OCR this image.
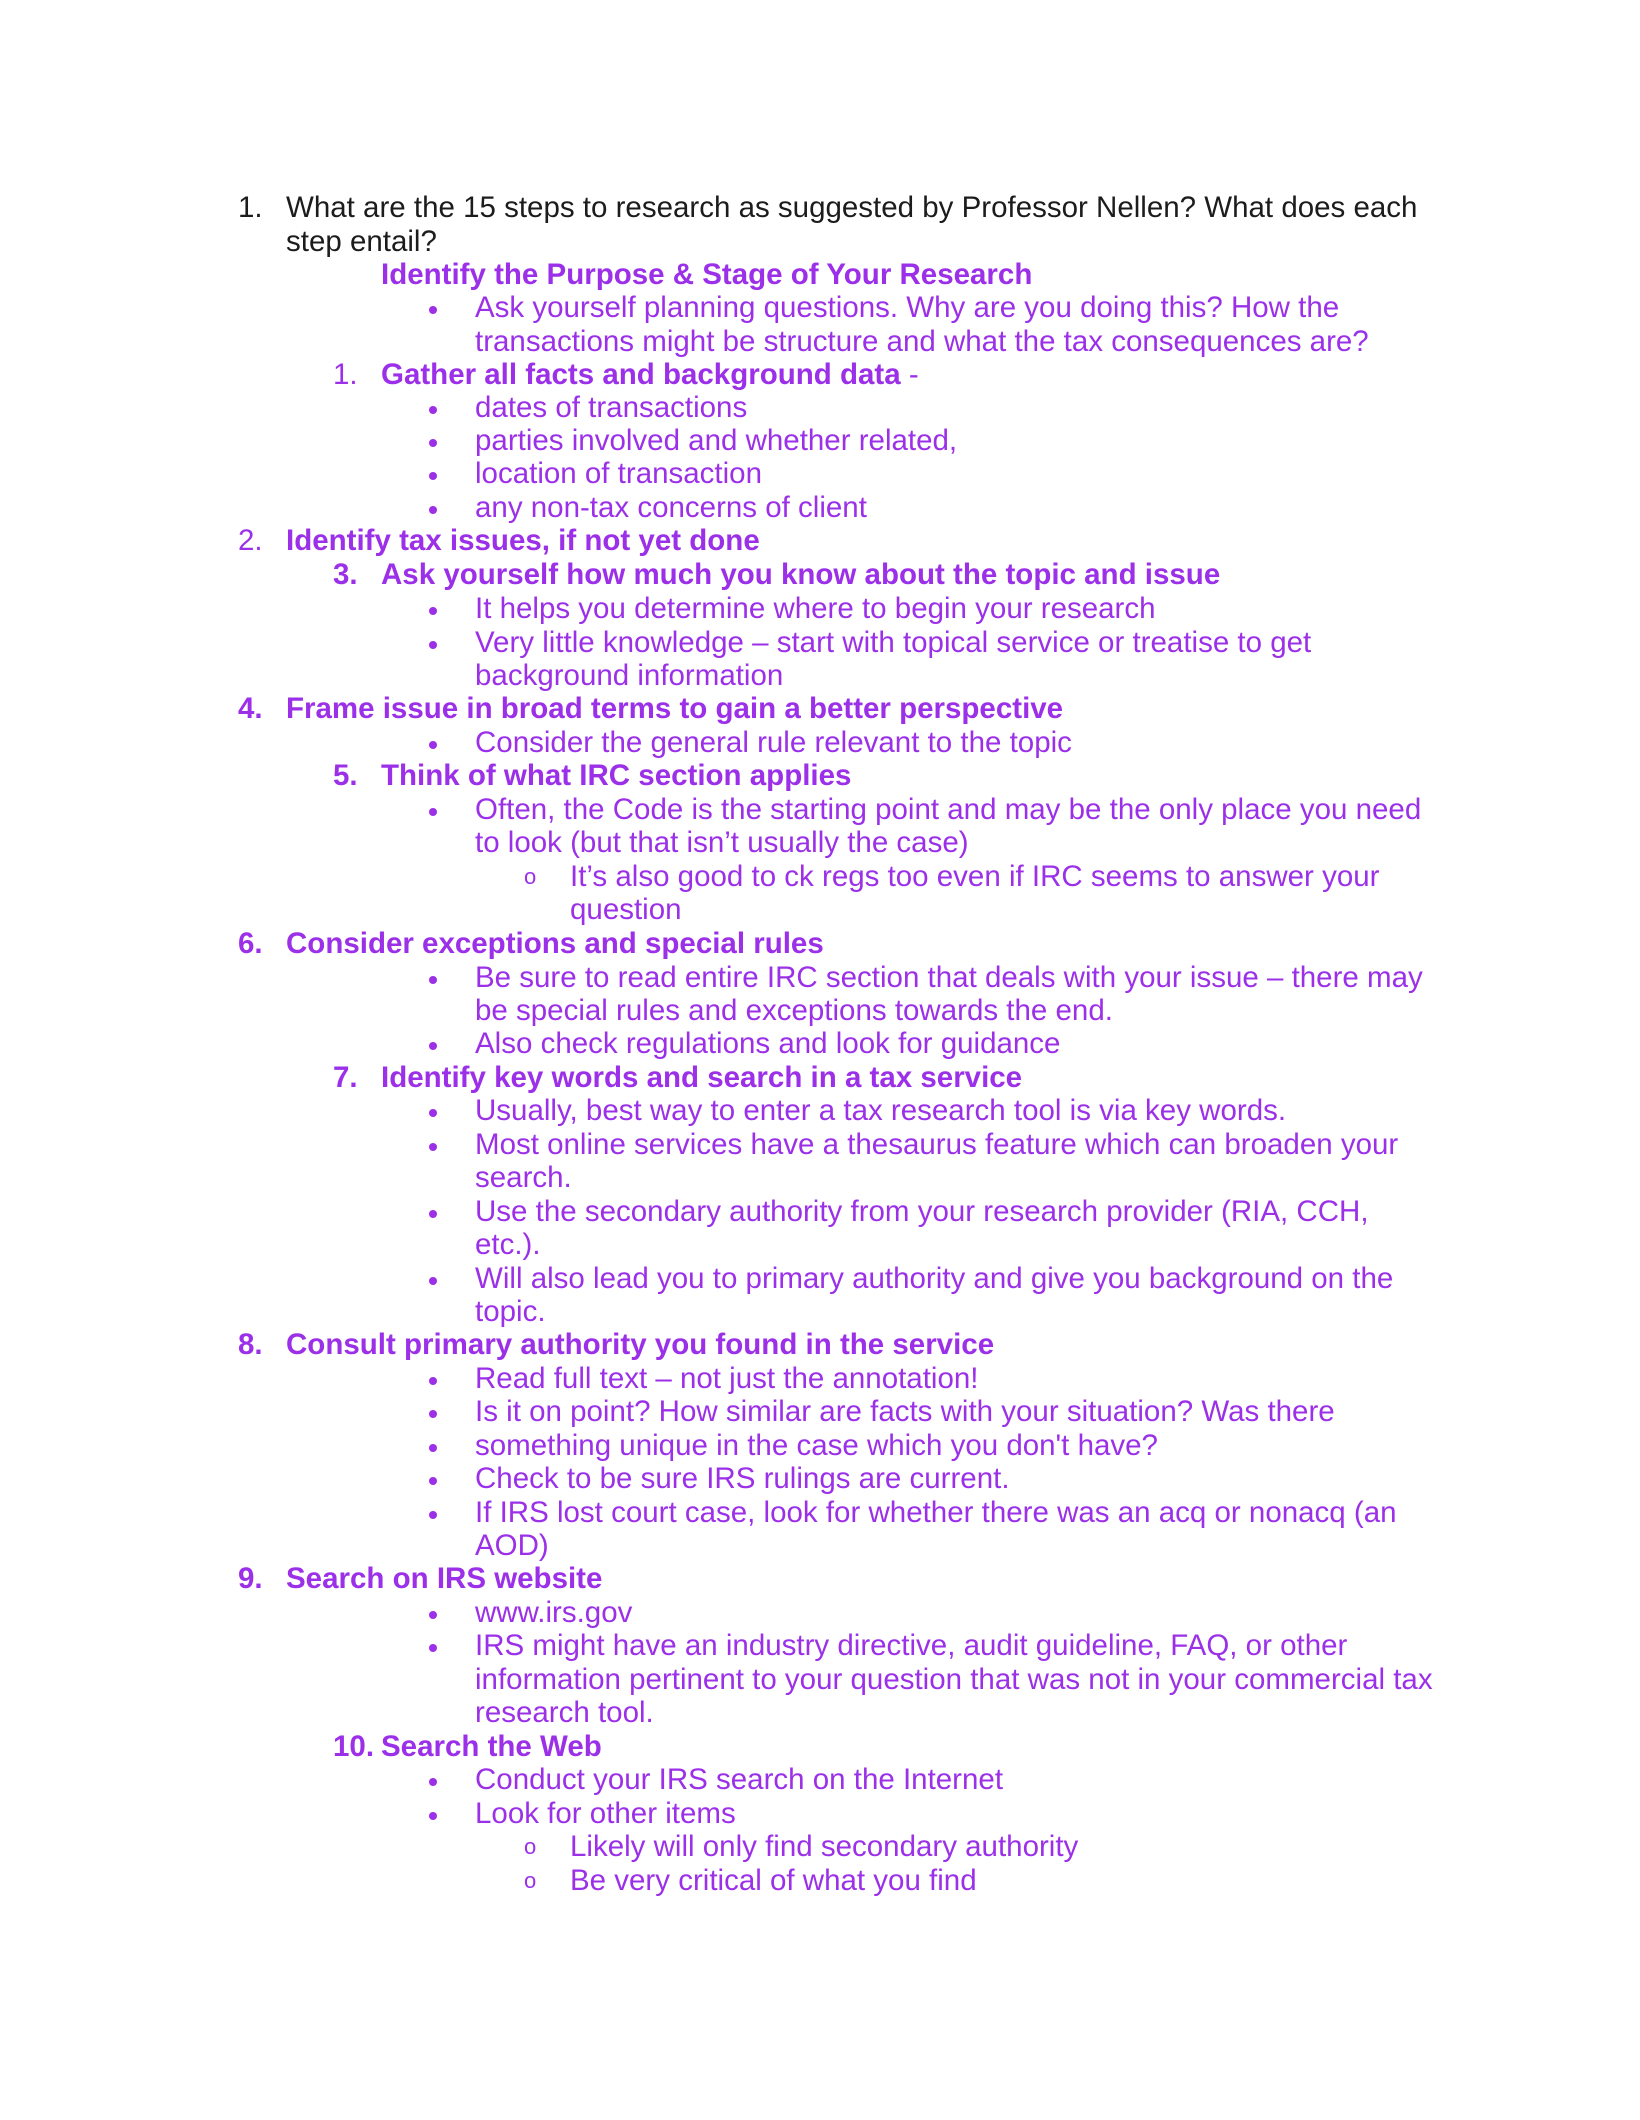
1. What are the 15 steps to research as suggested by Professor Nellen? What does each
step entail?
Identify the Purpose & Stage of Your Research
Ask yourself planning questions. Why are you doing this? How the
transactions might be structure and what the tax consequences are?
1. Gather all facts and background data -
dates of transactions
parties involved and whether related,
location of transaction
any non-tax concerns of client
2. Identify tax issues, if not yet done
3. Ask yourself how much you know about the topic and issue
It helps you determine where to begin your research
Very little knowledge – start with topical service or treatise to get
background information
4. Frame issue in broad terms to gain a better perspective
Consider the general rule relevant to the topic
5. Think of what IRC section applies
Often, the Code is the starting point and may be the only place you need
to look (but that isn’t usually the case)
o It’s also good to ck regs too even if IRC seems to answer your
question
6. Consider exceptions and special rules
Be sure to read entire IRC section that deals with your issue – there may
be special rules and exceptions towards the end.
Also check regulations and look for guidance
7. Identify key words and search in a tax service
Usually, best way to enter a tax research tool is via key words.
Most online services have a thesaurus feature which can broaden your
search.
Use the secondary authority from your research provider (RIA, CCH,
etc.).
Will also lead you to primary authority and give you background on the
topic.
8. Consult primary authority you found in the service
Read full text – not just the annotation!
Is it on point? How similar are facts with your situation? Was there
something unique in the case which you don't have?
Check to be sure IRS rulings are current.
If IRS lost court case, look for whether there was an acq or nonacq (an
AOD)
9. Search on IRS website
www.irs.gov
IRS might have an industry directive, audit guideline, FAQ, or other
information pertinent to your question that was not in your commercial tax
research tool.
10. Search the Web
Conduct your IRS search on the Internet
Look for other items
o Likely will only find secondary authority
o Be very critical of what you find
